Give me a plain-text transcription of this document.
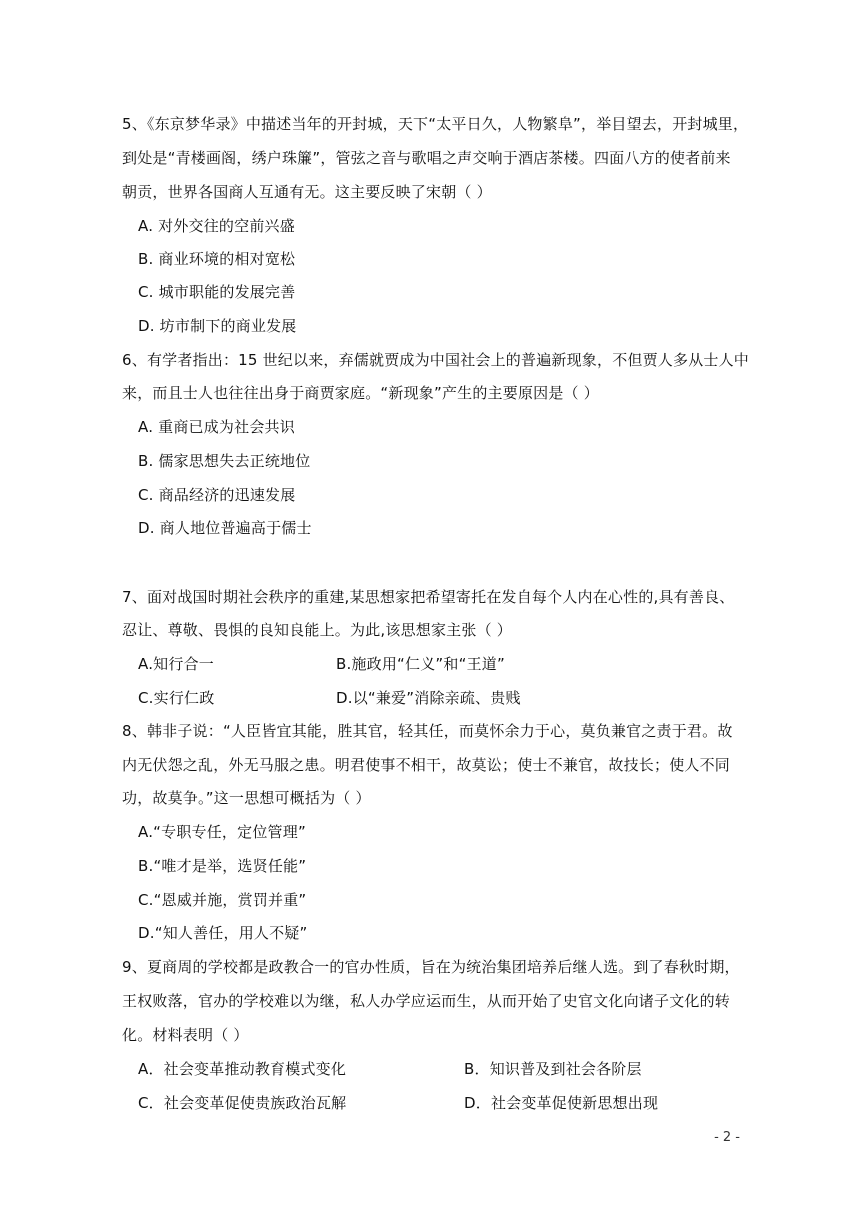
5、《东京梦华录》中描述当年的开封城，天下“太平日久，人物繁阜”，举目望去，开封城里，
到处是“青楼画阁，绣户珠簾”，管弦之音与歌唱之声交响于酒店茶楼。四面八方的使者前来
朝贡，世界各国商人互通有无。这主要反映了宋朝（ ）
A. 对外交往的空前兴盛
B. 商业环境的相对宽松
C. 城市职能的发展完善
D. 坊市制下的商业发展
6、有学者指出：15 世纪以来，弃儒就贾成为中国社会上的普遍新现象，不但贾人多从士人中
来，而且士人也往往出身于商贾家庭。“新现象”产生的主要原因是（ ）
A. 重商已成为社会共识
B. 儒家思想失去正统地位
C. 商品经济的迅速发展
D. 商人地位普遍高于儒士
7、面对战国时期社会秩序的重建,某思想家把希望寄托在发自每个人内在心性的,具有善良、
忍让、尊敬、畏惧的良知良能上。为此,该思想家主张（ ）
A.知行合一	B.施政用“仁义”和“王道”
C.实行仁政	D.以“兼爱”消除亲疏、贵贱
8、韩非子说：“人臣皆宜其能，胜其官，轻其任，而莫怀余力于心，莫负兼官之责于君。故
内无伏怨之乱，外无马服之患。明君使事不相干，故莫讼；使士不兼官，故技长；使人不同
功，故莫争。”这一思想可概括为（ ）
A.“专职专任，定位管理”
B.“唯才是举，选贤任能”
C.“恩威并施，赏罚并重”
D.“知人善任，用人不疑”
9、夏商周的学校都是政教合一的官办性质，旨在为统治集团培养后继人选。到了春秋时期，
王权败落，官办的学校难以为继，私人办学应运而生，从而开始了史官文化向诸子文化的转
化。材料表明（ ）
A．社会变革推动教育模式变化	B．知识普及到社会各阶层
C．社会变革促使贵族政治瓦解	D．社会变革促使新思想出现
- 2 -
